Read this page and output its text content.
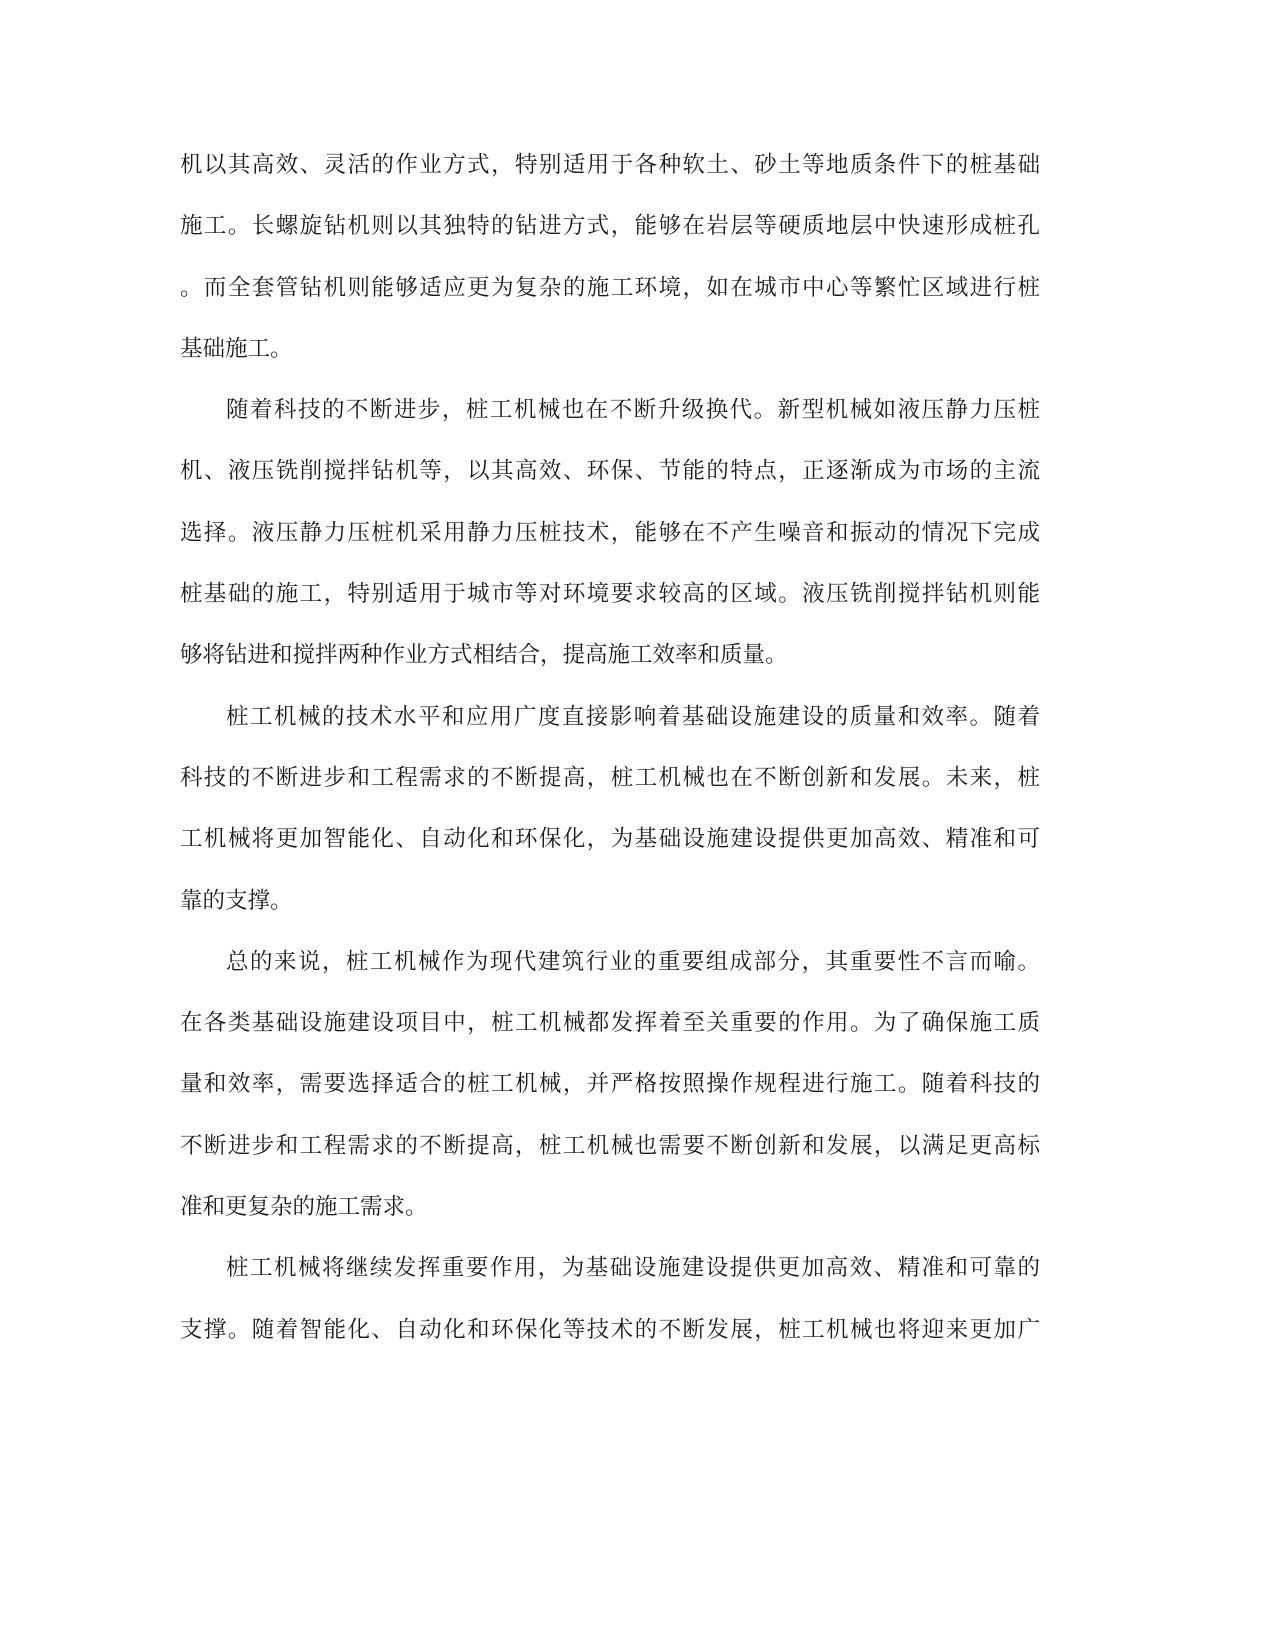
机以其高效、灵活的作业方式，特别适用于各种软土、砂土等地质条件下的桩基础
施工。长螺旋钻机则以其独特的钻进方式，能够在岩层等硬质地层中快速形成桩孔
。而全套管钻机则能够适应更为复杂的施工环境，如在城市中心等繁忙区域进行桩
基础施工。
随着科技的不断进步，桩工机械也在不断升级换代。新型机械如液压静力压桩
机、液压铣削搅拌钻机等，以其高效、环保、节能的特点，正逐渐成为市场的主流
选择。液压静力压桩机采用静力压桩技术，能够在不产生噪音和振动的情况下完成
桩基础的施工，特别适用于城市等对环境要求较高的区域。液压铣削搅拌钻机则能
够将钻进和搅拌两种作业方式相结合，提高施工效率和质量。
桩工机械的技术水平和应用广度直接影响着基础设施建设的质量和效率。随着
科技的不断进步和工程需求的不断提高，桩工机械也在不断创新和发展。未来，桩
工机械将更加智能化、自动化和环保化，为基础设施建设提供更加高效、精准和可
靠的支撑。
总的来说，桩工机械作为现代建筑行业的重要组成部分，其重要性不言而喻。
在各类基础设施建设项目中，桩工机械都发挥着至关重要的作用。为了确保施工质
量和效率，需要选择适合的桩工机械，并严格按照操作规程进行施工。随着科技的
不断进步和工程需求的不断提高，桩工机械也需要不断创新和发展，以满足更高标
准和更复杂的施工需求。
桩工机械将继续发挥重要作用，为基础设施建设提供更加高效、精准和可靠的
支撑。随着智能化、自动化和环保化等技术的不断发展，桩工机械也将迎来更加广
